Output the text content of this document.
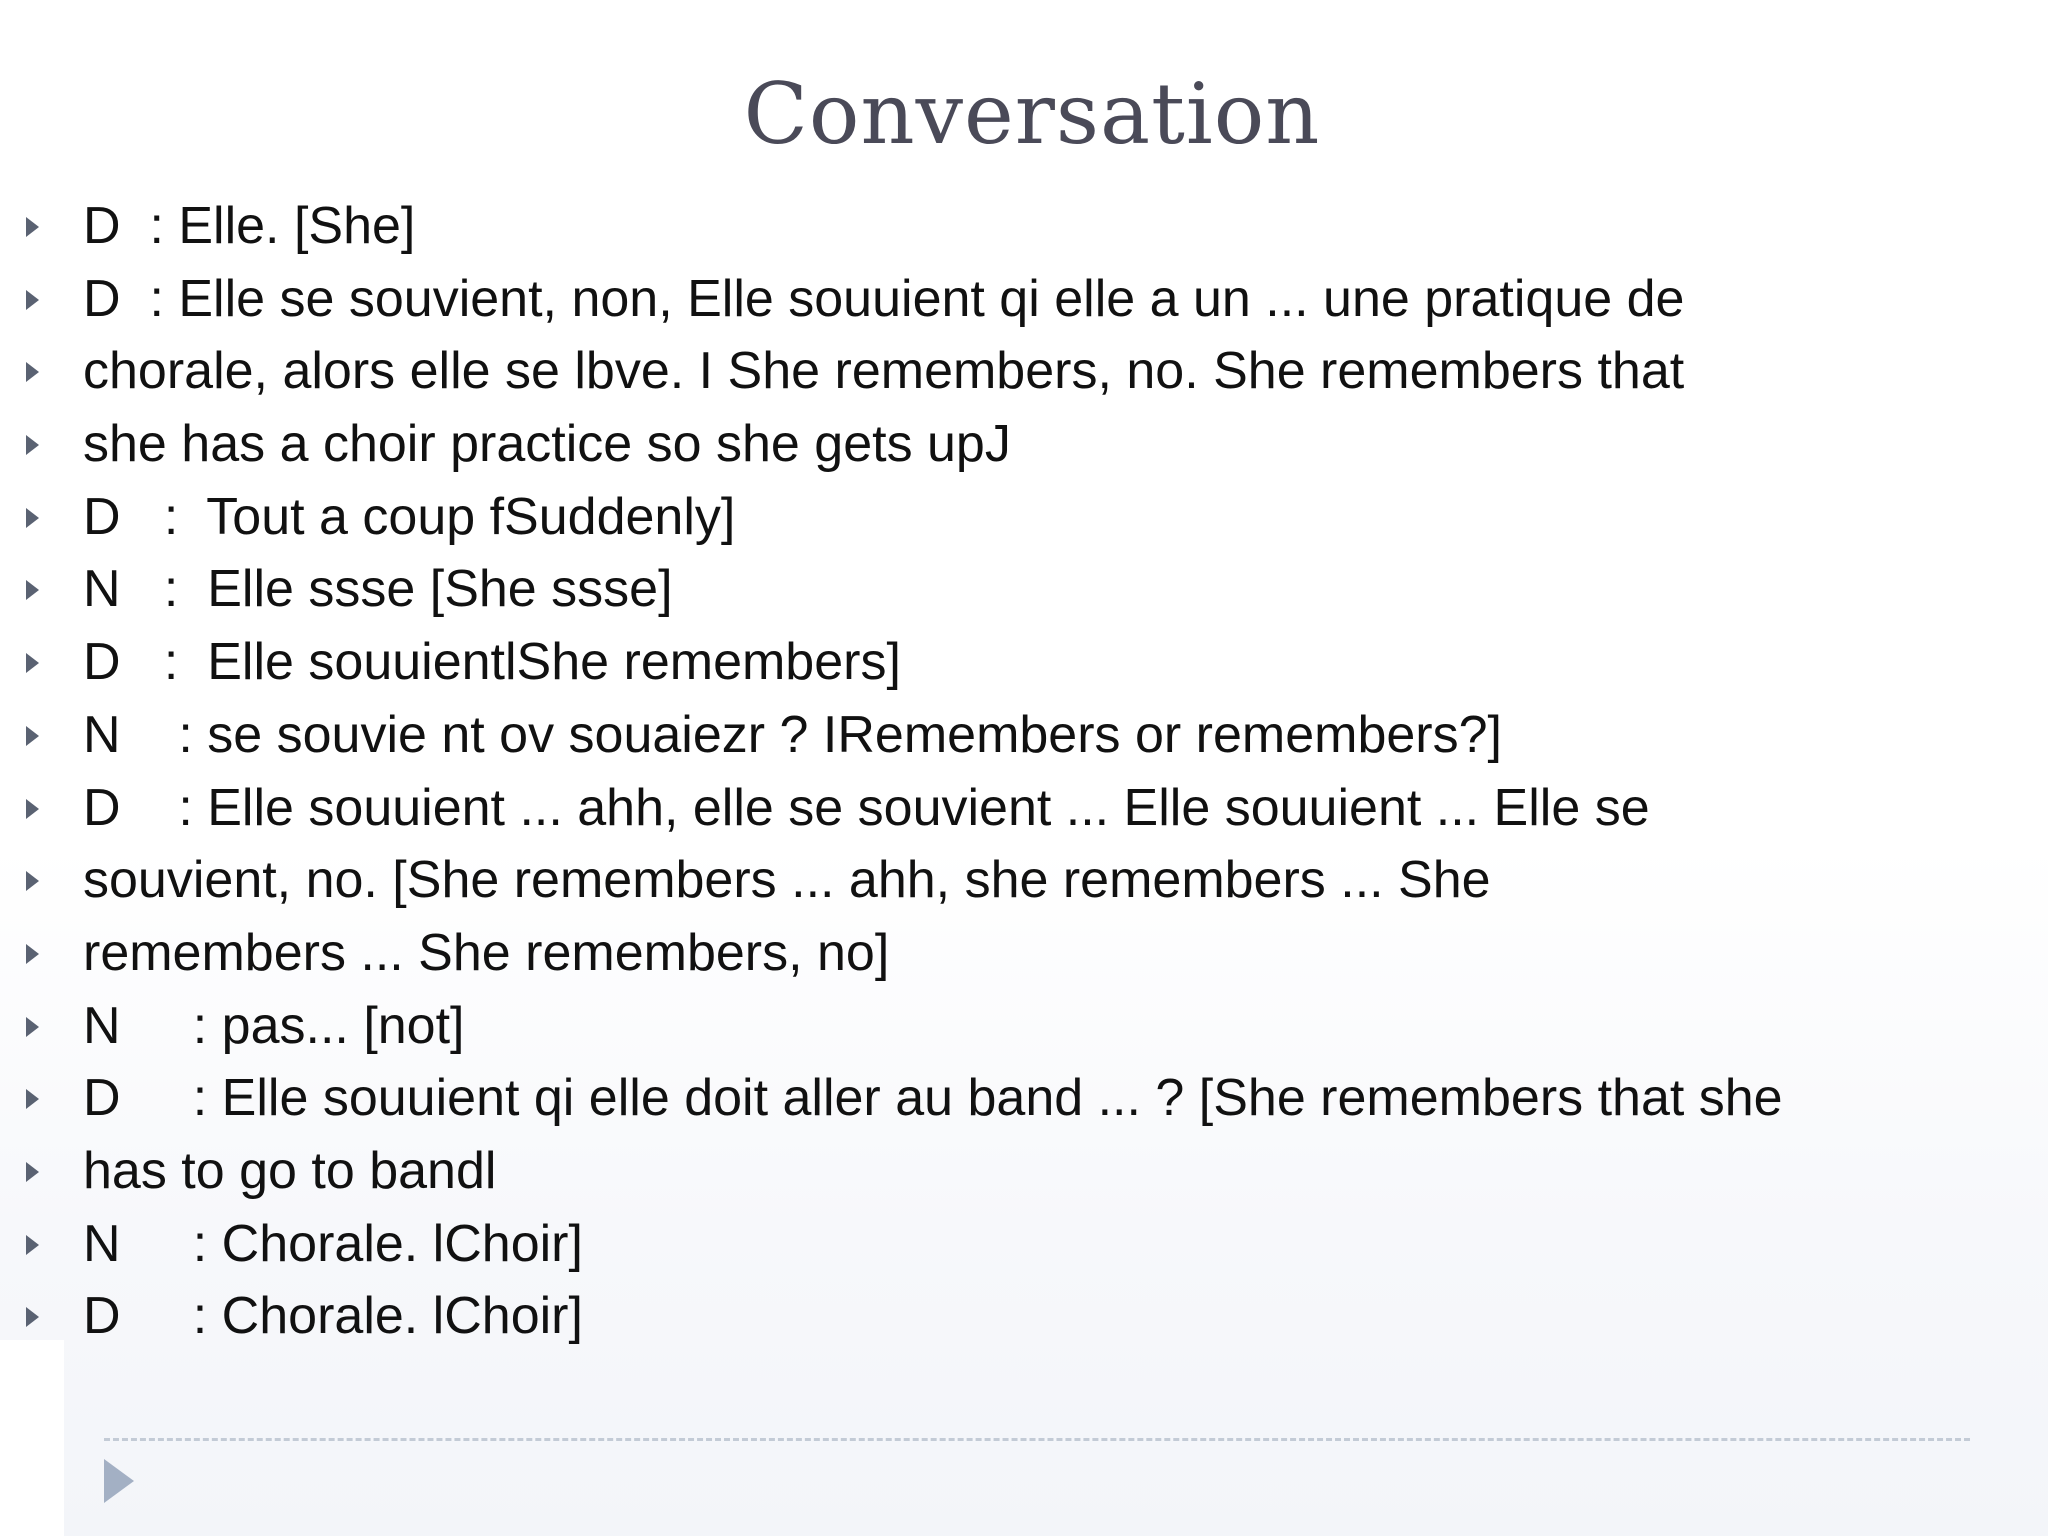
Conversation
D  : Elle. [She]
D  : Elle se souvient, non, Elle souuient qi elle a un ... une pratique de
chorale, alors elle se lbve. I She remembers, no. She remembers that
she has a choir practice so she gets upJ
D   :  Tout a coup fSuddenly]
N   :  Elle ssse [She ssse]
D   :  Elle souuientlShe remembers]
N    : se souvie nt ov souaiezr ? IRemembers or remembers?]
D    : Elle souuient ... ahh, elle se souvient ... Elle souuient ... Elle se
souvient, no. [She remembers ... ahh, she remembers ... She
remembers ... She remembers, no]
N     : pas... [not]
D     : Elle souuient qi elle doit aller au band ... ? [She remembers that she
has to go to bandl
N     : Chorale. lChoir]
D     : Chorale. lChoir]
